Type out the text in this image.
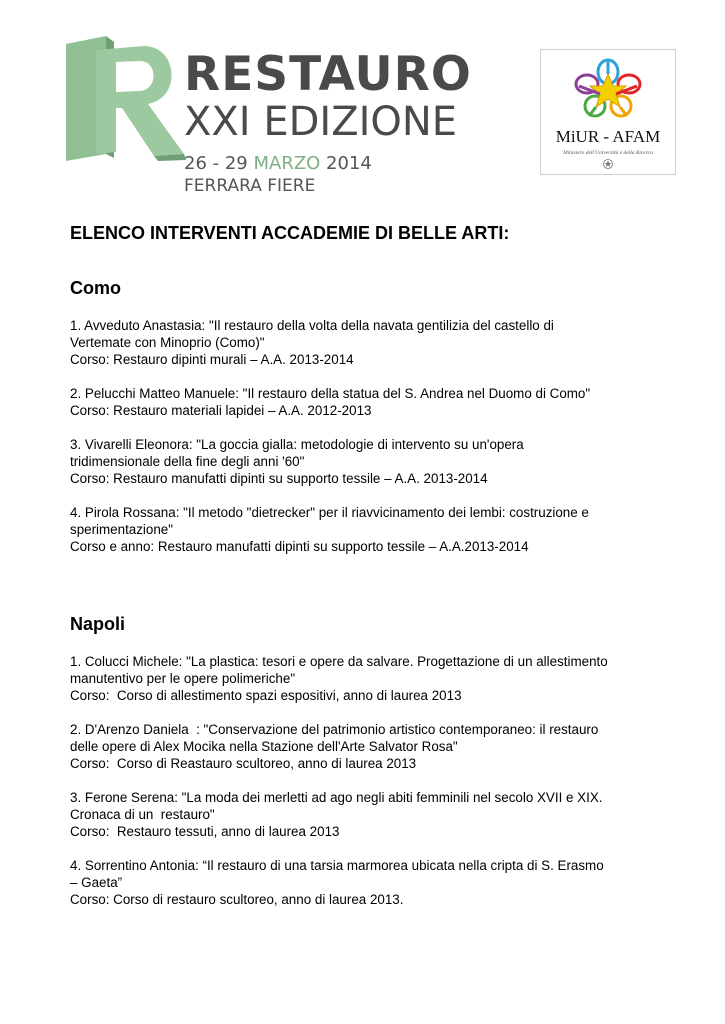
RESTAURO
XXI EDIZIONE
26 - 29 MARZO 2014
FERRARA FIERE
MiUR - AFAM
Ministero dell'Università e della Ricerca
ELENCO INTERVENTI ACCADEMIE DI BELLE ARTI:
Como
1. Avveduto Anastasia: "Il restauro della volta della navata gentilizia del castello di
Vertemate con Minoprio (Como)"
Corso: Restauro dipinti murali – A.A. 2013-2014
2. Pelucchi Matteo Manuele: "Il restauro della statua del S. Andrea nel Duomo di Como"
Corso: Restauro materiali lapidei – A.A. 2012-2013
3. Vivarelli Eleonora: "La goccia gialla: metodologie di intervento su un'opera
tridimensionale della fine degli anni '60"
Corso: Restauro manufatti dipinti su supporto tessile – A.A. 2013-2014
4. Pirola Rossana: "Il metodo "dietrecker" per il riavvicinamento dei lembi: costruzione e
sperimentazione"
Corso e anno: Restauro manufatti dipinti su supporto tessile – A.A.2013-2014
Napoli
1. Colucci Michele: "La plastica: tesori e opere da salvare. Progettazione di un allestimento
manutentivo per le opere polimeriche"
Corso:  Corso di allestimento spazi espositivi, anno di laurea 2013
2. D'Arenzo Daniela  : "Conservazione del patrimonio artistico contemporaneo: il restauro
delle opere di Alex Mocika nella Stazione dell'Arte Salvator Rosa"
Corso:  Corso di Reastauro scultoreo, anno di laurea 2013
3. Ferone Serena: "La moda dei merletti ad ago negli abiti femminili nel secolo XVII e XIX.
Cronaca di un  restauro"
Corso:  Restauro tessuti, anno di laurea 2013
4. Sorrentino Antonia: “Il restauro di una tarsia marmorea ubicata nella cripta di S. Erasmo
– Gaeta”
Corso: Corso di restauro scultoreo, anno di laurea 2013.
